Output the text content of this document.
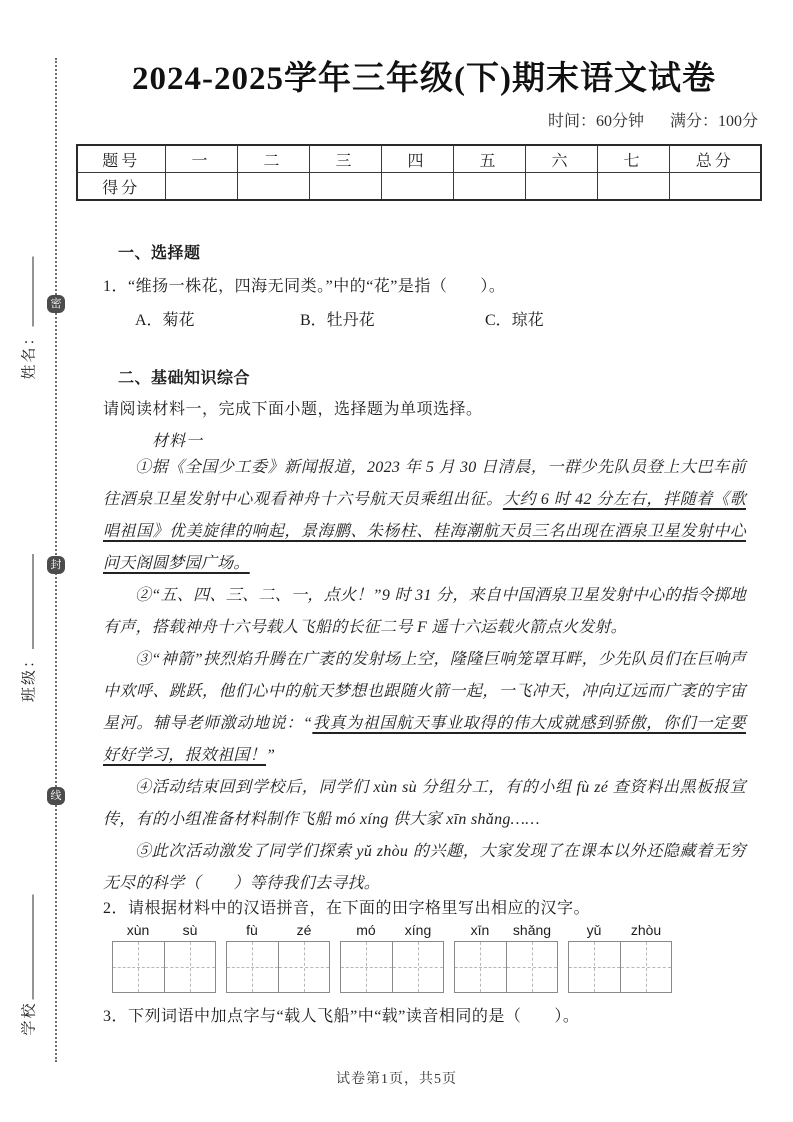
密
封
线
姓名：
班级：
学校
2024-2025学年三年级(下)期末语文试卷
时间：60分钟 满分：100分
题号	一	二	三	四	五	六	七	总分
得分								
一、选择题
1．“维扬一株花，四海无同类。”中的“花”是指（　　）。
A．菊花	B．牡丹花	C．琼花
二、基础知识综合
请阅读材料一，完成下面小题，选择题为单项选择。
材料一

①据《全国少工委》新闻报道，2023 年 5 月 30 日清晨，一群少先队员登上大巴车前往酒泉卫星发射中心观看神舟十六号航天员乘组出征。大约 6 时 42 分左右，拌随着《歌唱祖国》优美旋律的响起，景海鹏、朱杨柱、桂海潮航天员三名出现在酒泉卫星发射中心问天阁圆梦园广场。

②“五、四、三、二、一，点火！”9 时 31 分，来自中国酒泉卫星发射中心的指令掷地有声，搭载神舟十六号载人飞船的长征二号 F 遥十六运载火箭点火发射。

③“神箭”挟烈焰升腾在广袤的发射场上空，隆隆巨响笼罩耳畔，少先队员们在巨响声中欢呼、跳跃，他们心中的航天梦想也跟随火箭一起，一飞冲天，冲向辽远而广袤的宇宙星河。辅导老师激动地说：“我真为祖国航天事业取得的伟大成就感到骄傲，你们一定要好好学习，报效祖国！”

④活动结束回到学校后，同学们 xùn sù 分组分工，有的小组 fù zé 查资料出黑板报宣传，有的小组准备材料制作飞船 mó xíng 供大家 xīn shǎng……

⑤此次活动激发了同学们探索 yǔ zhòu 的兴趣，大家发现了在课本以外还隐藏着无穷无尽的科学（　　）等待我们去寻找。

2．请根据材料中的汉语拼音，在下面的田字格里写出相应的汉字。
xùn	sù	fù	zé	mó	xíng	xīn	shǎng	yǔ	zhòu
3．下列词语中加点字与“载人飞船”中“载”读音相同的是（　　）。
试卷第1页，共5页
